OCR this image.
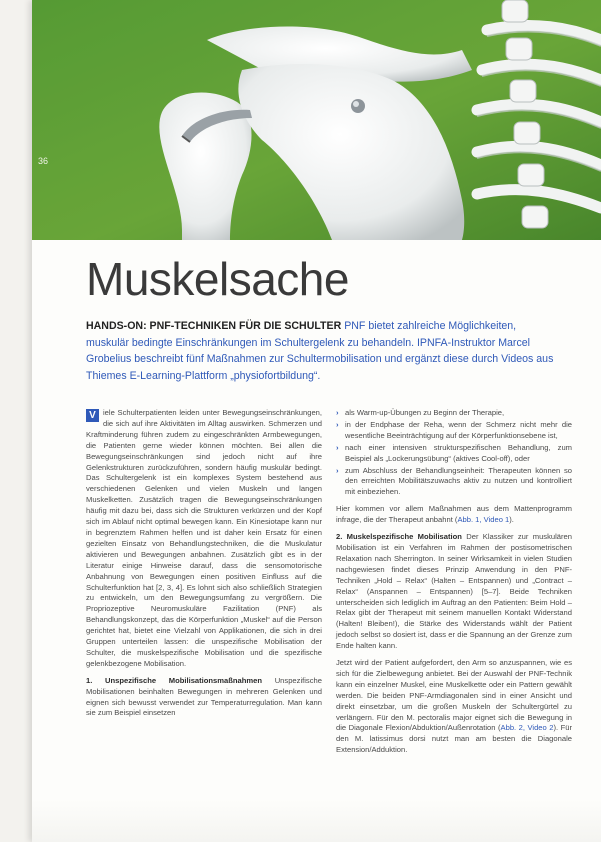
36
Muskelsache
HANDS-ON: PNF-TECHNIKEN FÜR DIE SCHULTER PNF bietet zahlreiche Möglichkeiten, muskulär bedingte Einschränkungen im Schultergelenk zu behandeln. IPNFA-Instruktor Marcel Grobelius beschreibt fünf Maßnahmen zur Schultermobilisation und ergänzt diese durch Videos aus Thiemes E-Learning-Plattform „physiofortbildung“.

V iele Schulterpatienten leiden unter Bewegungseinschränkungen, die sich auf ihre Aktivitäten im Alltag auswirken. Schmerzen und Kraftminderung führen zudem zu eingeschränkten Armbewegungen, die Patienten gerne wieder können möchten. Bei allen die Bewegungseinschränkungen sind jedoch nicht auf ihre Gelenkstrukturen zurückzuführen, sondern häufig muskulär bedingt. Das Schultergelenk ist ein komplexes System bestehend aus verschiedenen Gelenken und vielen Muskeln und langen Muskelketten. Zusätzlich tragen die Bewegungseinschränkungen häufig mit dazu bei, dass sich die Strukturen verkürzen und der Kopf sich im Ablauf nicht optimal bewegen kann. Ein Kinesiotape kann nur in begrenztem Rahmen helfen und ist daher kein Ersatz für einen gezielten Einsatz von Behandlungstechniken, die die Muskulatur aktivieren und Bewegungen anbahnen. Zusätzlich gibt es in der Literatur einige Hinweise darauf, dass die sensomotorische Anbahnung von Bewegungen einen positiven Einfluss auf die Schulterfunktion hat [2, 3, 4]. Es lohnt sich also schließlich Strategien zu entwickeln, um den Bewegungsumfang zu vergrößern. Die Propriozeptive Neuromuskuläre Fazilitation (PNF) als Behandlungskonzept, das die Körperfunktion „Muskel“ auf die Person gerichtet hat, bietet eine Vielzahl von Applikationen, die sich in drei Gruppen unterteilen lassen: die unspezifische Mobilisation der Schulter, die muskelspezifische Mobilisation und die spezifische gelenkbezogene Mobilisation.

1. Unspezifische Mobilisationsmaßnahmen Unspezifische Mobilisationen beinhalten Bewegungen in mehreren Gelenken und eignen sich bewusst verwendet zur Temperaturregulation. Man kann sie zum Beispiel einsetzen

› als Warm-up-Übungen zu Beginn der Therapie,
› in der Endphase der Reha, wenn der Schmerz nicht mehr die wesentliche Beeinträchtigung auf der Körperfunktionsebene ist,
› nach einer intensiven strukturspezifischen Behandlung, zum Beispiel als „Lockerungsübung“ (aktives Cool-off), oder
› zum Abschluss der Behandlungseinheit: Therapeuten können so den erreichten Mobilitätszuwachs aktiv zu nutzen und kontrolliert mit einbeziehen.

Hier kommen vor allem Maßnahmen aus dem Mattenprogramm infrage, die der Therapeut anbahnt (Abb. 1, Video 1).

2. Muskelspezifische Mobilisation Der Klassiker zur muskulären Mobilisation ist ein Verfahren im Rahmen der postisometrischen Relaxation nach Sherrington. In seiner Wirksamkeit in vielen Studien nachgewiesen findet dieses Prinzip Anwendung in den PNF-Techniken „Hold – Relax“ (Halten – Entspannen) und „Contract – Relax“ (Anspannen – Entspannen) [5–7]. Beide Techniken unterscheiden sich lediglich im Auftrag an den Patienten: Beim Hold – Relax gibt der Therapeut mit seinem manuellen Kontakt Widerstand (Halten! Bleiben!), die Stärke des Widerstands wählt der Patient jedoch selbst so dosiert ist, dass er die Spannung an der Grenze zum Ende halten kann.

Jetzt wird der Patient aufgefordert, den Arm so anzuspannen, wie es sich für die Zielbewegung anbietet. Bei der Auswahl der PNF-Technik kann ein einzelner Muskel, eine Muskelkette oder ein Pattern gewählt werden. Die beiden PNF-Armdiagonalen sind in einer Ansicht und direkt einsetzbar, um die großen Muskeln der Schultergürtel zu verlängern. Für den M. pectoralis major eignet sich die Bewegung in die Diagonale Flexion/Abduktion/Außenrotation (Abb. 2, Video 2). Für den M. latissimus dorsi nutzt man am besten die Diagonale Extension/Adduktion.
